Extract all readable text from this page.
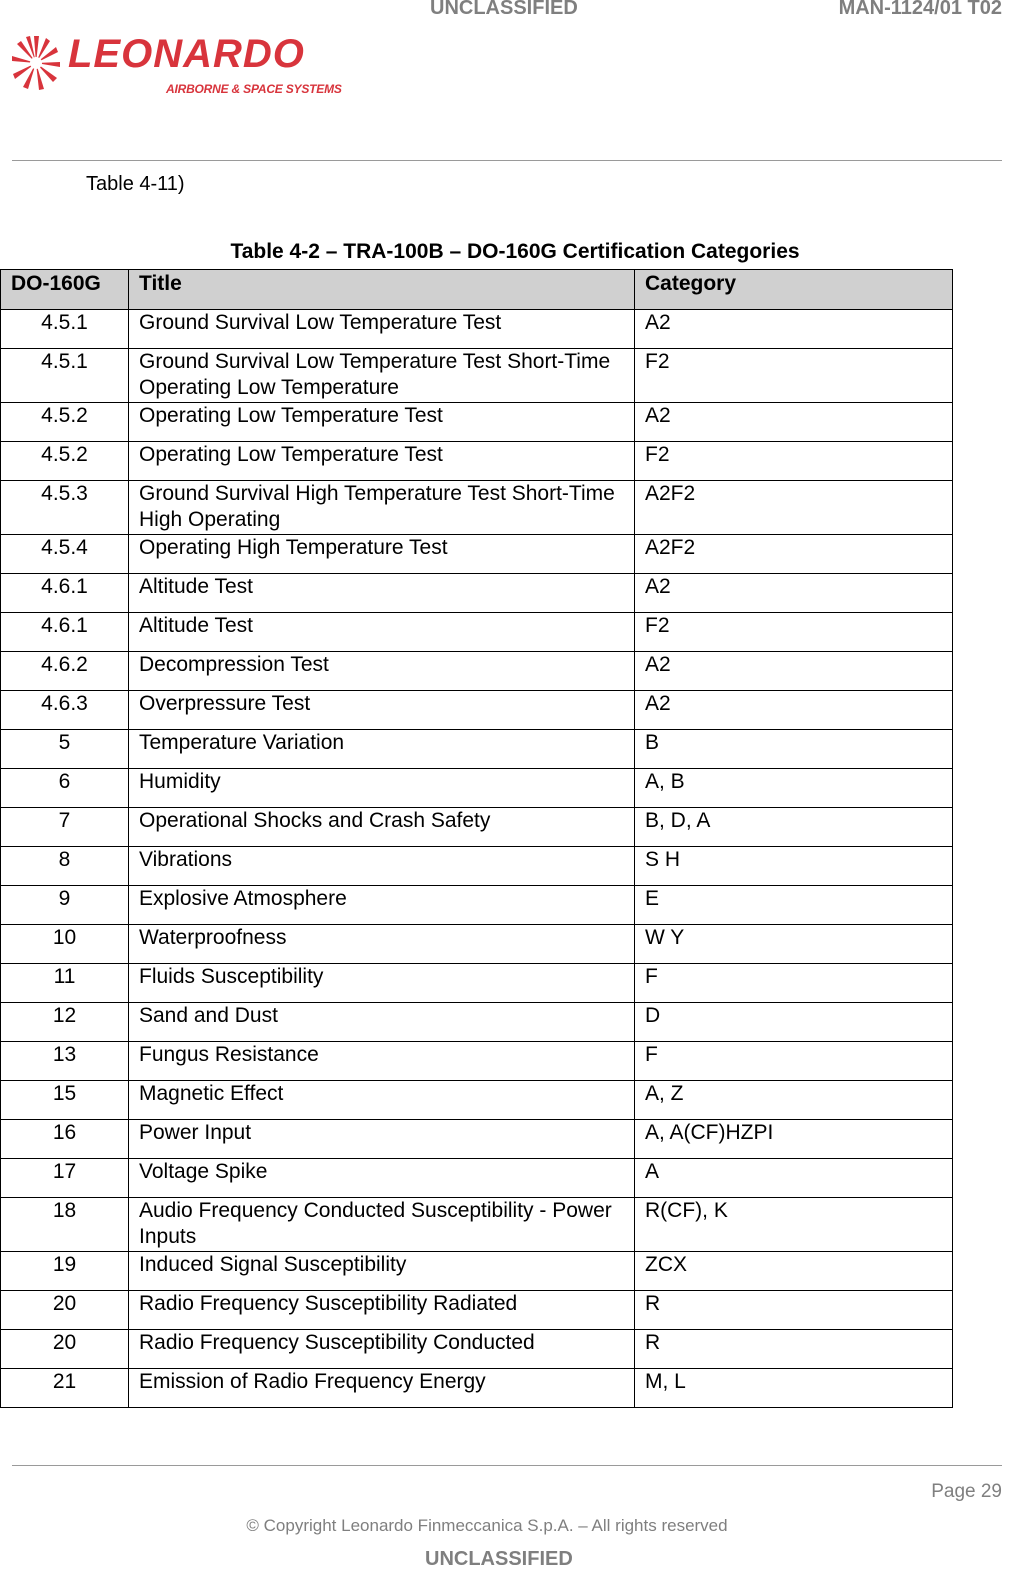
UNCLASSIFIED	MAN-1124/01 T02
LEONARDO
AIRBORNE & SPACE SYSTEMS
Table 4-11)
Table 4-2 – TRA-100B – DO-160G Certification Categories
DO-160G	Title	Category
4.5.1	Ground Survival Low Temperature Test	A2
4.5.1	Ground Survival Low Temperature Test Short-Time Operating Low Temperature	F2
4.5.2	Operating Low Temperature Test	A2
4.5.2	Operating Low Temperature Test	F2
4.5.3	Ground Survival High Temperature Test Short-Time High Operating	A2F2
4.5.4	Operating High Temperature Test	A2F2
4.6.1	Altitude Test	A2
4.6.1	Altitude Test	F2
4.6.2	Decompression Test	A2
4.6.3	Overpressure Test	A2
5	Temperature Variation	B
6	Humidity	A, B
7	Operational Shocks and Crash Safety	B, D, A
8	Vibrations	S H
9	Explosive Atmosphere	E
10	Waterproofness	W Y
11	Fluids Susceptibility	F
12	Sand and Dust	D
13	Fungus Resistance	F
15	Magnetic Effect	A, Z
16	Power Input	A, A(CF)HZPI
17	Voltage Spike	A
18	Audio Frequency Conducted Susceptibility - Power Inputs	R(CF), K
19	Induced Signal Susceptibility	ZCX
20	Radio Frequency Susceptibility Radiated	R
20	Radio Frequency Susceptibility Conducted	R
21	Emission of Radio Frequency Energy	M, L
Page 29
© Copyright Leonardo Finmeccanica S.p.A. – All rights reserved
UNCLASSIFIED
